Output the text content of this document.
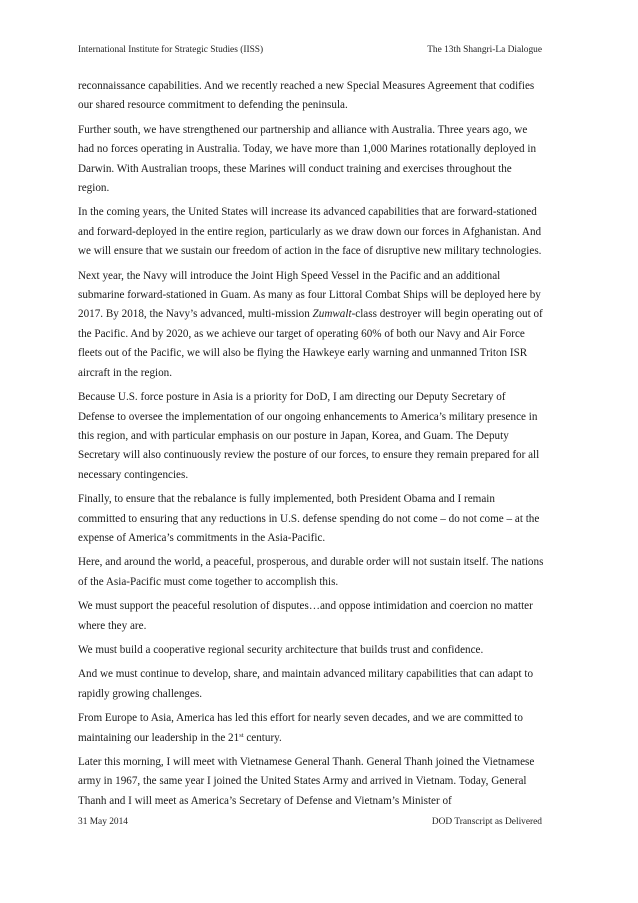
International Institute for Strategic Studies (IISS)	The 13th Shangri-La Dialogue

reconnaissance capabilities. And we recently reached a new Special Measures Agreement that codifies our shared resource commitment to defending the peninsula.

Further south, we have strengthened our partnership and alliance with Australia. Three years ago, we had no forces operating in Australia. Today, we have more than 1,000 Marines rotationally deployed in Darwin. With Australian troops, these Marines will conduct training and exercises throughout the region.

In the coming years, the United States will increase its advanced capabilities that are forward-stationed and forward-deployed in the entire region, particularly as we draw down our forces in Afghanistan. And we will ensure that we sustain our freedom of action in the face of disruptive new military technologies.

Next year, the Navy will introduce the Joint High Speed Vessel in the Pacific and an additional submarine forward-stationed in Guam. As many as four Littoral Combat Ships will be deployed here by 2017. By 2018, the Navy’s advanced, multi-mission Zumwalt-class destroyer will begin operating out of the Pacific. And by 2020, as we achieve our target of operating 60% of both our Navy and Air Force fleets out of the Pacific, we will also be flying the Hawkeye early warning and unmanned Triton ISR aircraft in the region.

Because U.S. force posture in Asia is a priority for DoD, I am directing our Deputy Secretary of Defense to oversee the implementation of our ongoing enhancements to America’s military presence in this region, and with particular emphasis on our posture in Japan, Korea, and Guam. The Deputy Secretary will also continuously review the posture of our forces, to ensure they remain prepared for all necessary contingencies.

Finally, to ensure that the rebalance is fully implemented, both President Obama and I remain committed to ensuring that any reductions in U.S. defense spending do not come – do not come – at the expense of America’s commitments in the Asia-Pacific.

Here, and around the world, a peaceful, prosperous, and durable order will not sustain itself. The nations of the Asia-Pacific must come together to accomplish this.

We must support the peaceful resolution of disputes…and oppose intimidation and coercion no matter where they are.

We must build a cooperative regional security architecture that builds trust and confidence.

And we must continue to develop, share, and maintain advanced military capabilities that can adapt to rapidly growing challenges.

From Europe to Asia, America has led this effort for nearly seven decades, and we are committed to maintaining our leadership in the 21st century.

Later this morning, I will meet with Vietnamese General Thanh. General Thanh joined the Vietnamese army in 1967, the same year I joined the United States Army and arrived in Vietnam. Today, General Thanh and I will meet as America’s Secretary of Defense and Vietnam’s Minister of

31 May 2014	DOD Transcript as Delivered
